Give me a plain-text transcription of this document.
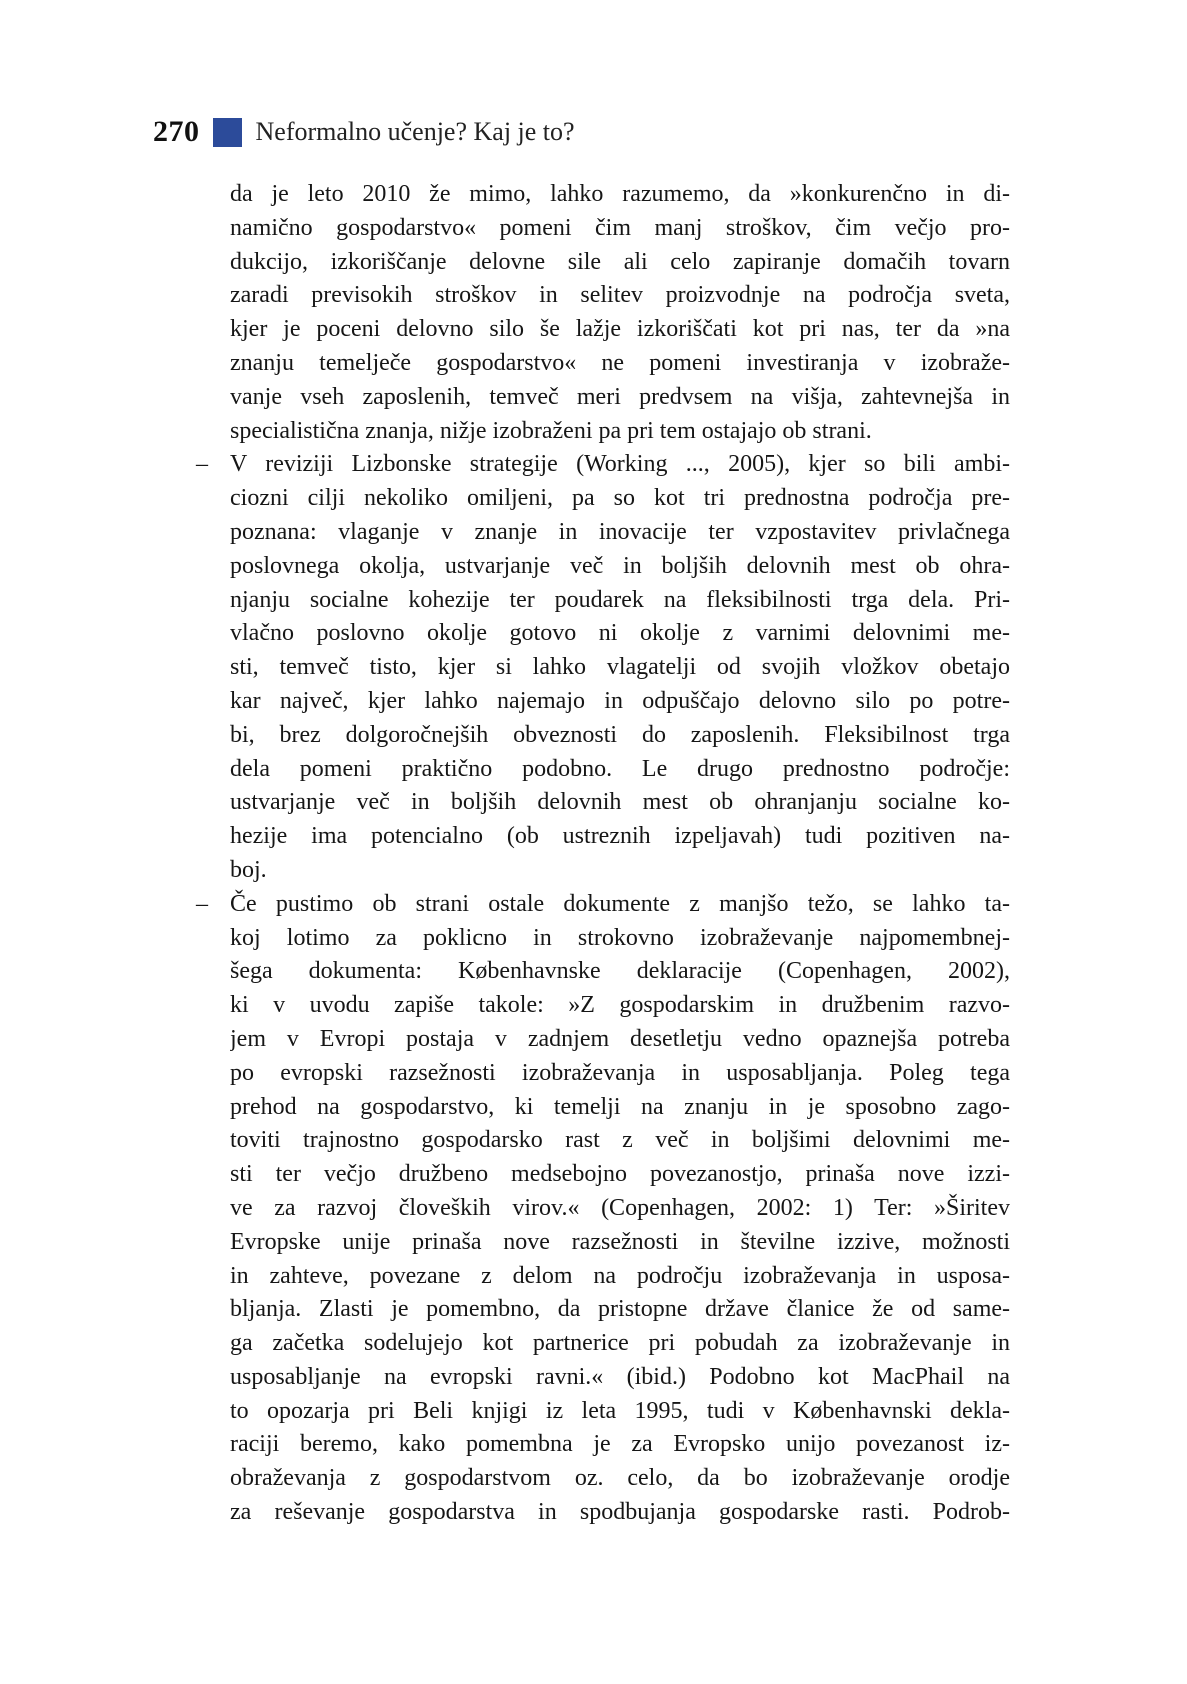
270 Neformalno učenje? Kaj je to?
da je leto 2010 že mimo, lahko razumemo, da »konkurenčno in di-
namično gospodarstvo« pomeni čim manj stroškov, čim večjo pro-
dukcijo, izkoriščanje delovne sile ali celo zapiranje domačih tovarn
zaradi previsokih stroškov in selitev proizvodnje na področja sveta,
kjer je poceni delovno silo še lažje izkoriščati kot pri nas, ter da »na
znanju temelječe gospodarstvo« ne pomeni investiranja v izobraže-
vanje vseh zaposlenih, temveč meri predvsem na višja, zahtevnejša in
specialistična znanja, nižje izobraženi pa pri tem ostajajo ob strani.
– V reviziji Lizbonske strategije (Working ..., 2005), kjer so bili ambi-
ciozni cilji nekoliko omiljeni, pa so kot tri prednostna področja pre-
poznana: vlaganje v znanje in inovacije ter vzpostavitev privlačnega
poslovnega okolja, ustvarjanje več in boljših delovnih mest ob ohra-
njanju socialne kohezije ter poudarek na fleksibilnosti trga dela. Pri-
vlačno poslovno okolje gotovo ni okolje z varnimi delovnimi me-
sti, temveč tisto, kjer si lahko vlagatelji od svojih vložkov obetajo
kar največ, kjer lahko najemajo in odpuščajo delovno silo po potre-
bi, brez dolgoročnejših obveznosti do zaposlenih. Fleksibilnost trga
dela pomeni praktično podobno. Le drugo prednostno področje:
ustvarjanje več in boljših delovnih mest ob ohranjanju socialne ko-
hezije ima potencialno (ob ustreznih izpeljavah) tudi pozitiven na-
boj.
– Če pustimo ob strani ostale dokumente z manjšo težo, se lahko ta-
koj lotimo za poklicno in strokovno izobraževanje najpomembnej-
šega dokumenta: Københavnske deklaracije (Copenhagen, 2002),
ki v uvodu zapiše takole: »Z gospodarskim in družbenim razvo-
jem v Evropi postaja v zadnjem desetletju vedno opaznejša potreba
po evropski razsežnosti izobraževanja in usposabljanja. Poleg tega
prehod na gospodarstvo, ki temelji na znanju in je sposobno zago-
toviti trajnostno gospodarsko rast z več in boljšimi delovnimi me-
sti ter večjo družbeno medsebojno povezanostjo, prinaša nove izzi-
ve za razvoj človeških virov.« (Copenhagen, 2002: 1) Ter: »Širitev
Evropske unije prinaša nove razsežnosti in številne izzive, možnosti
in zahteve, povezane z delom na področju izobraževanja in usposa-
bljanja. Zlasti je pomembno, da pristopne države članice že od same-
ga začetka sodelujejo kot partnerice pri pobudah za izobraževanje in
usposabljanje na evropski ravni.« (ibid.) Podobno kot MacPhail na
to opozarja pri Beli knjigi iz leta 1995, tudi v Københavnski dekla-
raciji beremo, kako pomembna je za Evropsko unijo povezanost iz-
obraževanja z gospodarstvom oz. celo, da bo izobraževanje orodje
za reševanje gospodarstva in spodbujanja gospodarske rasti. Podrob-
